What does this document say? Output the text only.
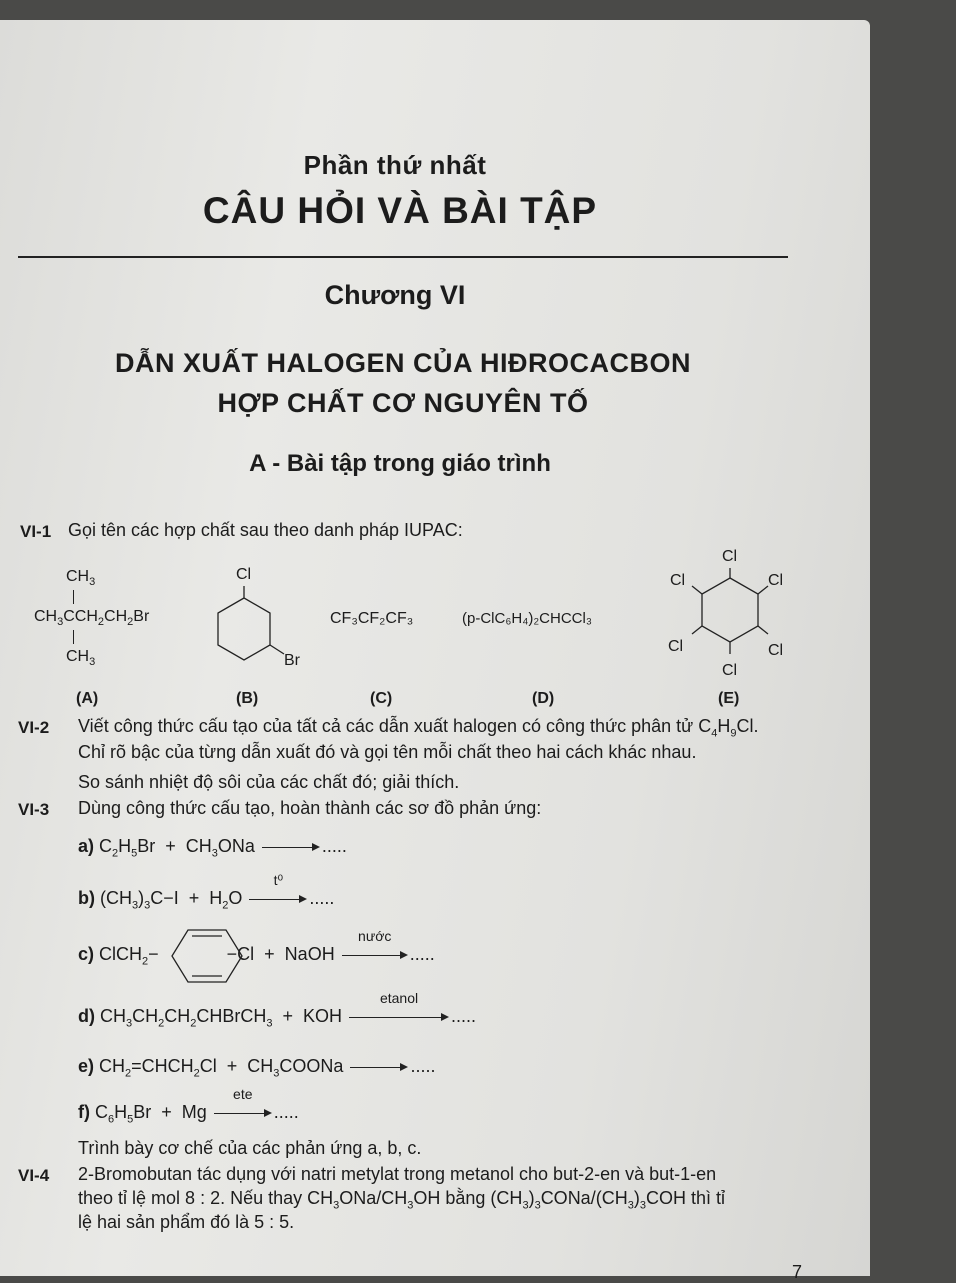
Phần thứ nhất
CÂU HỎI VÀ BÀI TẬP
Chương VI
DẪN XUẤT HALOGEN CỦA HIĐROCACBON
HỢP CHẤT CƠ NGUYÊN TỐ
A - Bài tập trong giáo trình
VI-1 Gọi tên các hợp chất sau theo danh pháp IUPAC:
$CH_3$
$CH_3CCH_2CH_2Br$
$CH_3$
Cl
Br
CF₃CF₂CF₃	(p-ClC₆H₄)₂CHCCl₃
Cl
Cl
Cl
Cl
Cl
Cl
(A)	(B)	(C)	(D)	(E)
VI-2 Viết công thức cấu tạo của tất cả các dẫn xuất halogen có công thức phân tử $C_4H_9Cl$.
Chỉ rõ bậc của từng dẫn xuất đó và gọi tên mỗi chất theo hai cách khác nhau.
So sánh nhiệt độ sôi của các chất đó; giải thích.
VI-3 Dùng công thức cấu tạo, hoàn thành các sơ đồ phản ứng:
a) $C_2H_5Br + CH_3ONa$	.....
b) $(CH_3)_3C-I + H_2O$
t⁰
.....
c) ClCH$_2$−	−Cl  +  NaOH
nước
.....
d) $CH_3CH_2CH_2CHBrCH_3$  +  KOH
etanol
.....
e) $CH_2=CHCH_2Cl$  +  $CH_3COONa$	.....
f) $C_6H_5Br + Mg$
ete
.....
Trình bày cơ chế của các phản ứng a, b, c.
VI-4 2-Bromobutan tác dụng với natri metylat trong metanol cho but-2-en và but-1-en
theo tỉ lệ mol 8 : 2. Nếu thay $CH_3ONa/CH_3OH$ bằng $(CH_3)_3CONa/(CH_3)_3COH$ thì tỉ
lệ hai sản phẩm đó là 5 : 5.
7
